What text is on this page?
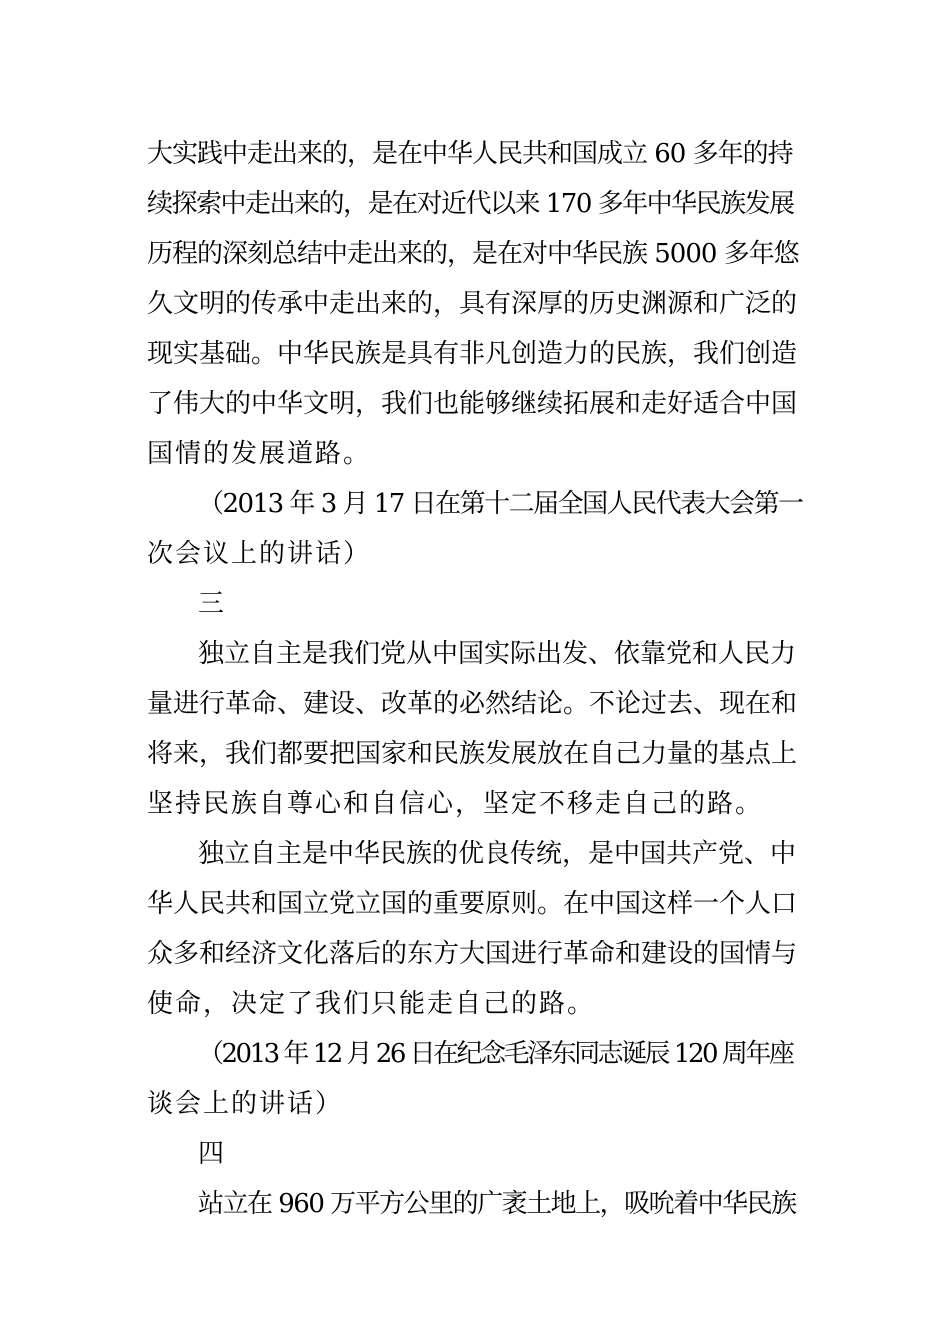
大实践中走出来的，是在中华人民共和国成立 60 多年的持
续探索中走出来的，是在对近代以来 170 多年中华民族发展
历程的深刻总结中走出来的，是在对中华民族 5000 多年悠
久文明的传承中走出来的，具有深厚的历史渊源和广泛的
现实基础。中华民族是具有非凡创造力的民族，我们创造
了伟大的中华文明，我们也能够继续拓展和走好适合中国
国情的发展道路。
（2013 年 3 月 17 日在第十二届全国人民代表大会第一
次会议上的讲话）
三
独立自主是我们党从中国实际出发、依靠党和人民力
量进行革命、建设、改革的必然结论。不论过去、现在和
将来，我们都要把国家和民族发展放在自己力量的基点上
坚持民族自尊心和自信心，坚定不移走自己的路。
独立自主是中华民族的优良传统，是中国共产党、中
华人民共和国立党立国的重要原则。在中国这样一个人口
众多和经济文化落后的东方大国进行革命和建设的国情与
使命，决定了我们只能走自己的路。
（2013 年 12 月 26 日在纪念毛泽东同志诞辰 120 周年座
谈会上的讲话）
四
站立在 960 万平方公里的广袤土地上，吸吮着中华民族
